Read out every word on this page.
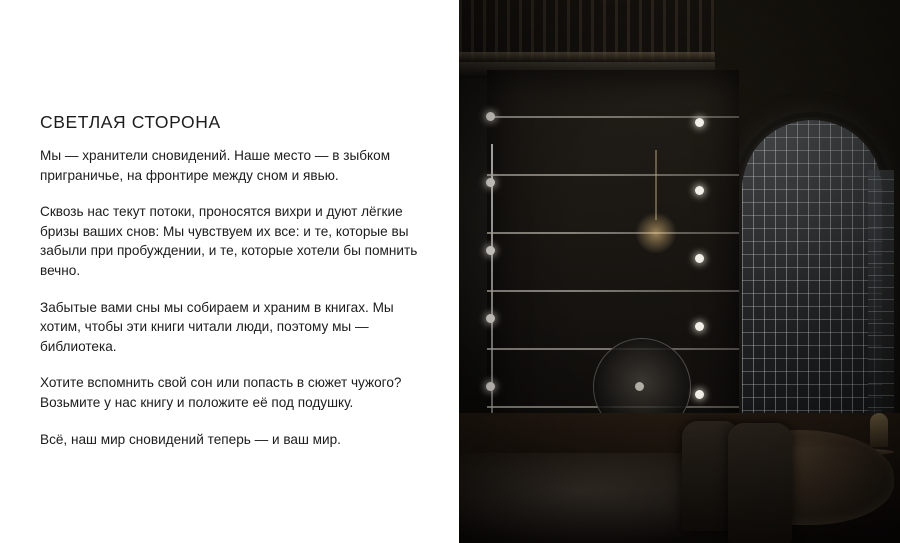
СВЕТЛАЯ СТОРОНА

Мы — хранители сновидений. Наше место — в зыбком приграничье, на фронтире между сном и явью.

Сквозь нас текут потоки, проносятся вихри и дуют лёгкие бризы ваших снов: Мы чувствуем их все: и те, которые вы забыли при пробуждении, и те, которые хотели бы помнить вечно.

Забытые вами сны мы собираем и храним в книгах. Мы хотим, чтобы эти книги читали люди, поэтому мы — библиотека.

Хотите вспомнить свой сон или попасть в сюжет чужого? Возьмите у нас книгу и положите её под подушку.

Всё, наш мир сновидений теперь — и ваш мир.
